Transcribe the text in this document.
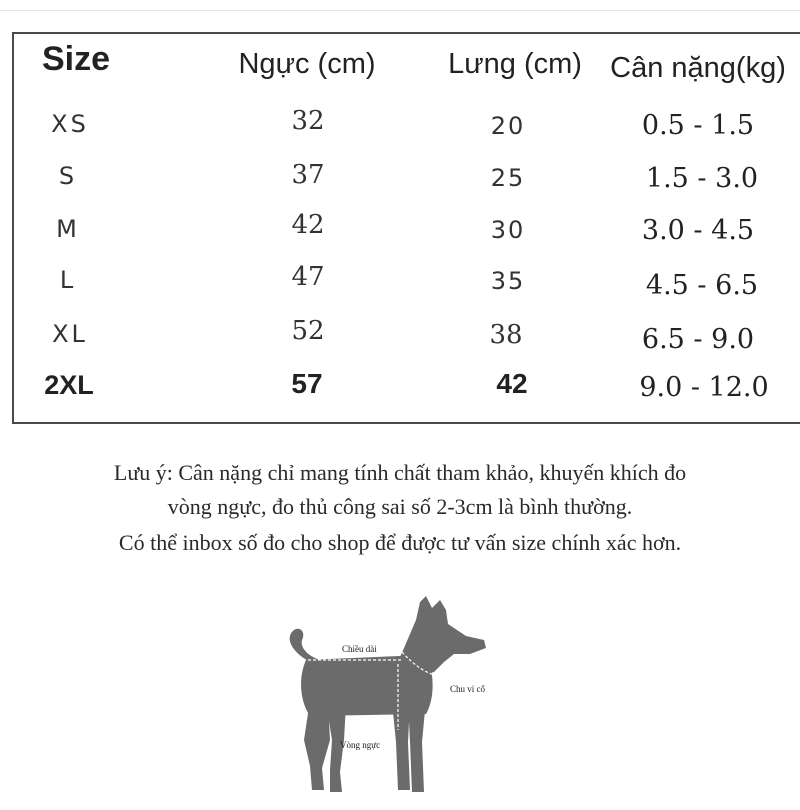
Size	Ngực (cm)	Lưng (cm) Cân nặng(kg)
XS	32	20	0.5 - 1.5
S	37	25	1.5 - 3.0
M	42	30	3.0 - 4.5
L	47	35	4.5 - 6.5
XL	52	38	6.5 - 9.0
2XL	57	42	9.0 - 12.0
Lưu ý: Cân nặng chỉ mang tính chất tham khảo, khuyến khích đo
vòng ngực, đo thủ công sai số 2-3cm là bình thường.
Có thể inbox số đo cho shop để được tư vấn size chính xác hơn.
Chiều dài
Chu vi cổ
Vòng ngực
